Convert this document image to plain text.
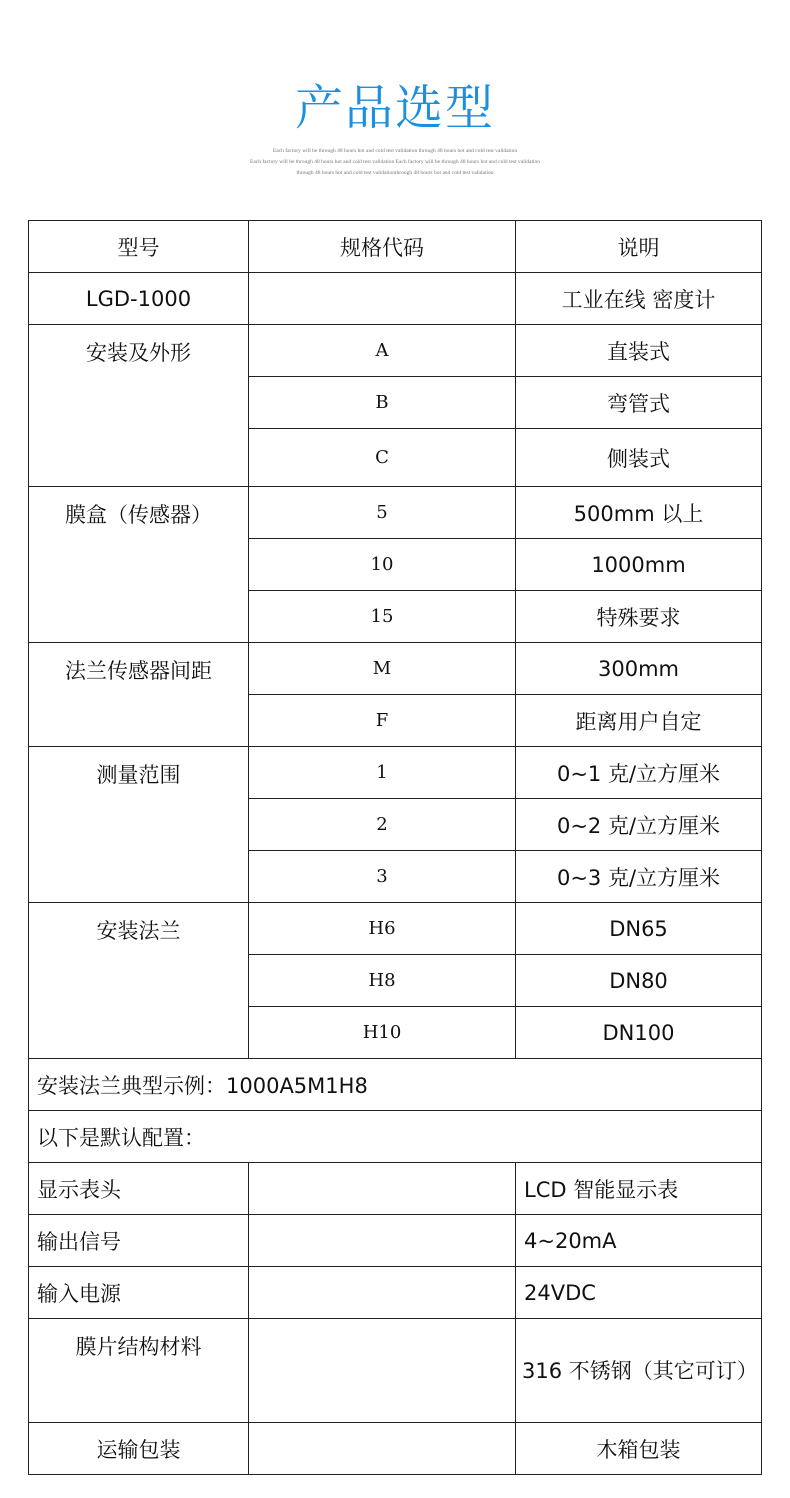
产品选型
Each factory will be through 48 hours hot and cold test validation through 48 hours hot and cold test validation
Each factory will be through 48 hours hot and cold test validation Each factory will be through 48 hours hot and cold test validation
through 48 hours hot and cold test validationthrough 48 hours hot and cold test validation
型号	规格代码	说明
LGD-1000		工业在线 密度计
安装及外形	A	直装式
	B	弯管式
	C	侧装式
膜盒（传感器）	5	500mm 以上
	10	1000mm
	15	特殊要求
法兰传感器间距	M	300mm
	F	距离用户自定
测量范围	1	0~1 克/立方厘米
	2	0~2 克/立方厘米
	3	0~3 克/立方厘米
安装法兰	H6	DN65
	H8	DN80
	H10	DN100
安装法兰典型示例：1000A5M1H8		
以下是默认配置：		
显示表头		LCD 智能显示表
输出信号		4~20mA
输入电源		24VDC
膜片结构材料		316 不锈钢（其它可订）
运输包装		木箱包装
